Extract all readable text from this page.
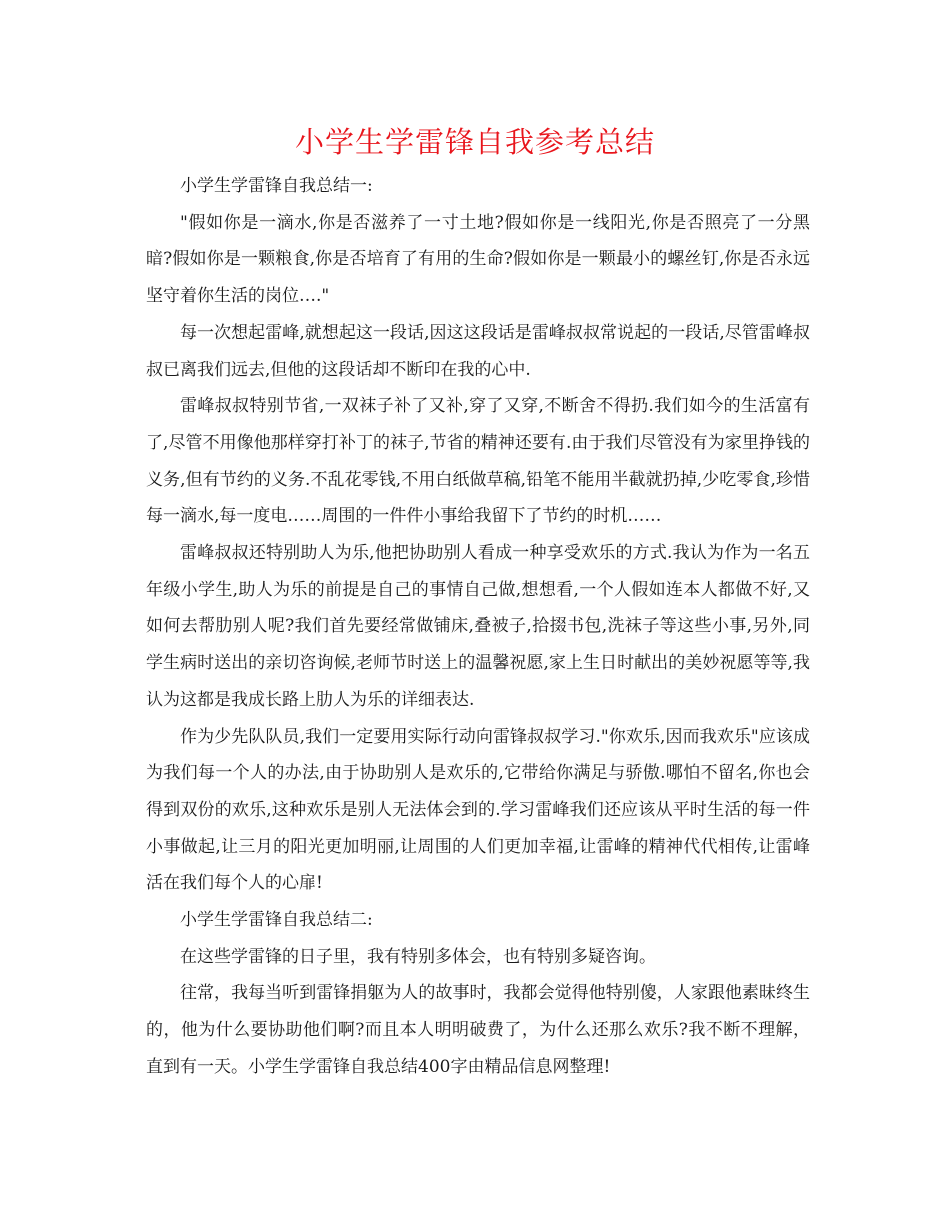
小学生学雷锋自我参考总结

小学生学雷锋自我总结一:

"假如你是一滴水,你是否滋养了一寸土地?假如你是一线阳光,你是否照亮了一分黑暗?假如你是一颗粮食,你是否培育了有用的生命?假如你是一颗最小的螺丝钉,你是否永远坚守着你生活的岗位…."

每一次想起雷峰,就想起这一段话,因这这段话是雷峰叔叔常说起的一段话,尽管雷峰叔叔已离我们远去,但他的这段话却不断印在我的心中.

雷峰叔叔特别节省,一双袜子补了又补,穿了又穿,不断舍不得扔.我们如今的生活富有了,尽管不用像他那样穿打补丁的袜子,节省的精神还要有.由于我们尽管没有为家里挣钱的义务,但有节约的义务.不乱花零钱,不用白纸做草稿,铅笔不能用半截就扔掉,少吃零食,珍惜每一滴水,每一度电……周围的一件件小事给我留下了节约的时机……

雷峰叔叔还特别助人为乐,他把协助别人看成一种享受欢乐的方式.我认为作为一名五年级小学生,助人为乐的前提是自己的事情自己做,想想看,一个人假如连本人都做不好,又如何去帮肋别人呢?我们首先要经常做铺床,叠被子,拾掇书包,洗袜子等这些小事,另外,同学生病时送出的亲切咨询候,老师节时送上的温馨祝愿,家上生日时献出的美妙祝愿等等,我认为这都是我成长路上肋人为乐的详细表达.

作为少先队队员,我们一定要用实际行动向雷锋叔叔学习."你欢乐,因而我欢乐"应该成为我们每一个人的办法,由于协助别人是欢乐的,它带给你满足与骄傲.哪怕不留名,你也会得到双份的欢乐,这种欢乐是别人无法体会到的.学习雷峰我们还应该从平时生活的每一件小事做起,让三月的阳光更加明丽,让周围的人们更加幸福,让雷峰的精神代代相传,让雷峰活在我们每个人的心扉!

小学生学雷锋自我总结二:

在这些学雷锋的日子里，我有特别多体会，也有特别多疑咨询。

往常，我每当听到雷锋捐躯为人的故事时，我都会觉得他特别傻，人家跟他素昧终生的，他为什么要协助他们啊?而且本人明明破费了，为什么还那么欢乐?我不断不理解，直到有一天。小学生学雷锋自我总结400字由精品信息网整理!
